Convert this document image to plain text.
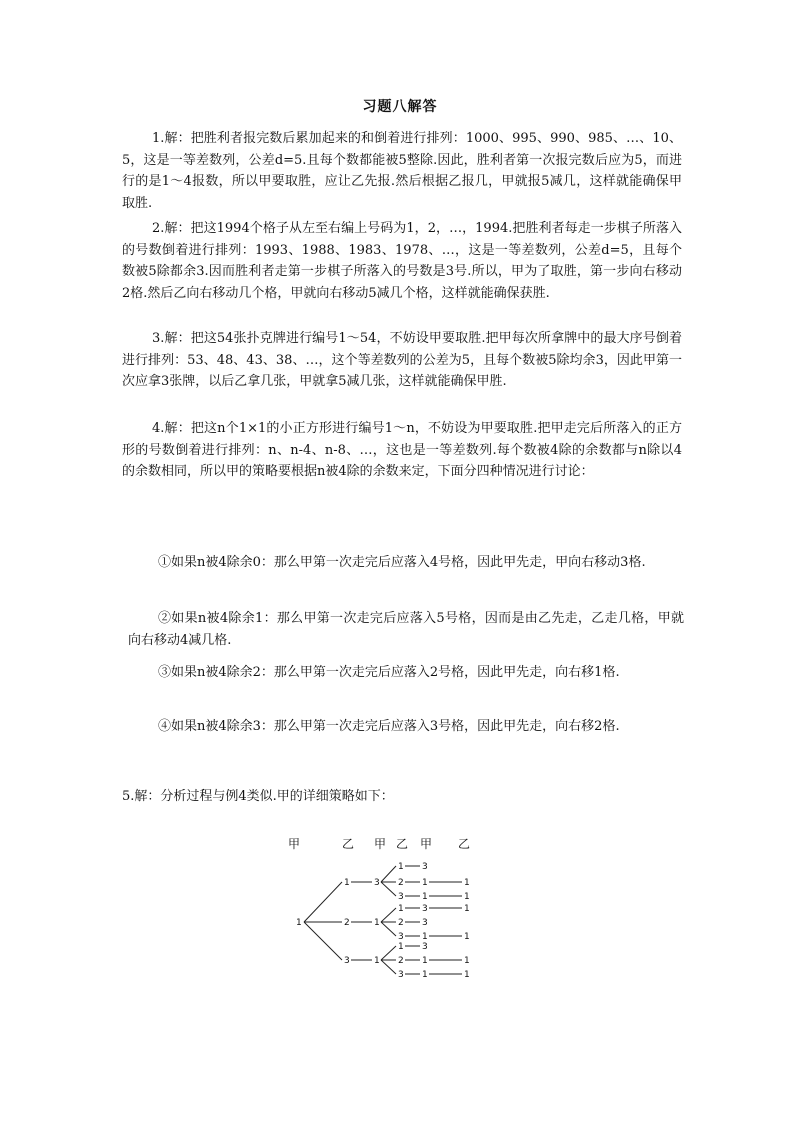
习题八解答
1.解：把胜利者报完数后累加起来的和倒着进行排列：1000、995、990、985、…、10、5，这是一等差数列，公差d=5.且每个数都能被5整除.因此，胜利者第一次报完数后应为5，而进行的是1～4报数，所以甲要取胜，应让乙先报.然后根据乙报几，甲就报5减几，这样就能确保甲取胜.
2.解：把这1994个格子从左至右编上号码为1，2，…，1994.把胜利者每走一步棋子所落入的号数倒着进行排列：1993、1988、1983、1978、…，这是一等差数列，公差d=5，且每个数被5除都余3.因而胜利者走第一步棋子所落入的号数是3号.所以，甲为了取胜，第一步向右移动2格.然后乙向右移动几个格，甲就向右移动5减几个格，这样就能确保获胜.
3.解：把这54张扑克牌进行编号1～54，不妨设甲要取胜.把甲每次所拿牌中的最大序号倒着进行排列：53、48、43、38、…，这个等差数列的公差为5，且每个数被5除均余3，因此甲第一次应拿3张牌，以后乙拿几张，甲就拿5减几张，这样就能确保甲胜.
4.解：把这n个1×1的小正方形进行编号1～n，不妨设为甲要取胜.把甲走完后所落入的正方形的号数倒着进行排列：n、n-4、n-8、…，这也是一等差数列.每个数被4除的余数都与n除以4的余数相同，所以甲的策略要根据n被4除的余数来定，下面分四种情况进行讨论：
①如果n被4除余0：那么甲第一次走完后应落入4号格，因此甲先走，甲向右移动3格.
②如果n被4除余1：那么甲第一次走完后应落入5号格，因而是由乙先走，乙走几格，甲就向右移动4减几格.
③如果n被4除余2：那么甲第一次走完后应落入2号格，因此甲先走，向右移1格.
④如果n被4除余3：那么甲第一次走完后应落入3号格，因此甲先走，向右移2格.
5.解：分析过程与例4类似.甲的详细策略如下：
甲	乙 甲 乙 甲 乙
1
1
2
3
3
1
1
1
2
3
1
2
3
1
2
3
3
1
1
3
3
1
3
1
1
1
1
1
1
1
1
